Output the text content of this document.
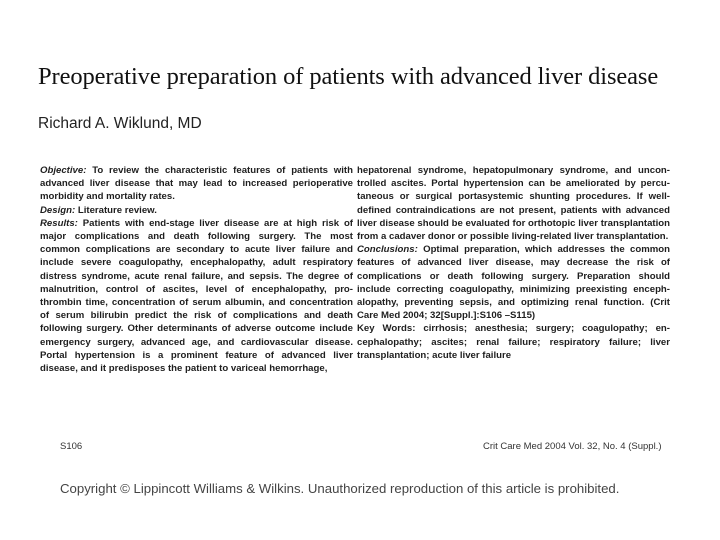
Preoperative preparation of patients with advanced liver disease
Richard A. Wiklund, MD

Objective: To review the characteristic features of patients with advanced liver disease that may lead to increased perioperative morbidity and mortality rates.

Design: Literature review.

Results: Patients with end-stage liver disease are at high risk of major complications and death following surgery. The most common complications are secondary to acute liver failure and include severe coagulopathy, encephalopathy, adult respiratory distress syndrome, acute renal failure, and sepsis. The degree of malnutrition, control of ascites, level of encephalopathy, prothrombin time, concentration of serum albumin, and concentration of serum bilirubin predict the risk of complications and death following surgery. Other determinants of adverse outcome include emergency surgery, advanced age, and cardiovascular disease. Portal hypertension is a prominent feature of advanced liver disease, and it predisposes the patient to variceal hemorrhage,

hepatorenal syndrome, hepatopulmonary syndrome, and uncontrolled ascites. Portal hypertension can be ameliorated by percutaneous or surgical portasystemic shunting procedures. If well-defined contraindications are not present, patients with advanced liver disease should be evaluated for orthotopic liver transplantation from a cadaver donor or possible living-related liver transplantation.

Conclusions: Optimal preparation, which addresses the common features of advanced liver disease, may decrease the risk of complications or death following surgery. Preparation should include correcting coagulopathy, minimizing preexisting encephalopathy, preventing sepsis, and optimizing renal function. (Crit Care Med 2004; 32[Suppl.]:S106 –S115)

Key Words: cirrhosis; anesthesia; surgery; coagulopathy; encephalopathy; ascites; renal failure; respiratory failure; liver transplantation; acute liver failure

S106	Crit Care Med 2004 Vol. 32, No. 4 (Suppl.)
Copyright © Lippincott Williams & Wilkins. Unauthorized reproduction of this article is prohibited.
